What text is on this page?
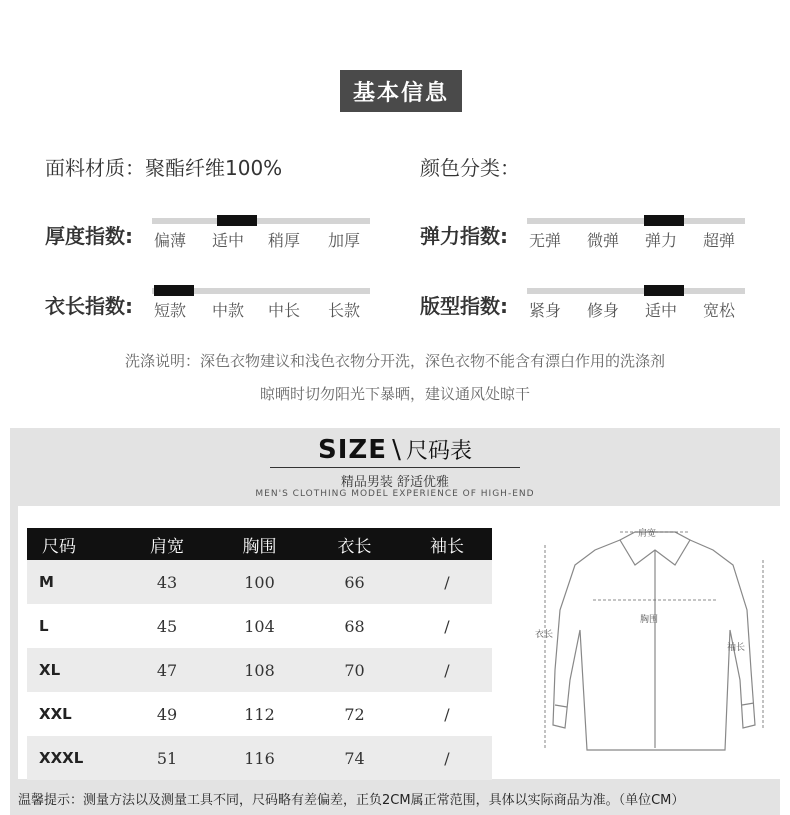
基本信息
面料材质：聚酯纤维100%	颜色分类：
厚度指数: 偏薄 适中 稍厚 加厚	弹力指数: 无弹 微弹 弹力 超弹
衣长指数: 短款 中款 中长 长款	版型指数: 紧身 修身 适中 宽松
洗涤说明：深色衣物建议和浅色衣物分开洗，深色衣物不能含有漂白作用的洗涤剂
晾晒时切勿阳光下暴晒，建议通风处晾干
SIZE \ 尺码表
精品男装 舒适优雅
MEN'S CLOTHING MODEL EXPERIENCE OF HIGH-END
尺码	肩宽	胸围	衣长	袖长
M	43	100	66	/
L	45	104	68	/
XL	47	108	70	/
XXL	49	112	72	/
XXXL	51	116	74	/
肩宽
胸围
衣长
袖长
温馨提示：测量方法以及测量工具不同，尺码略有差偏差，正负2CM属正常范围，具体以实际商品为准。（单位CM）
